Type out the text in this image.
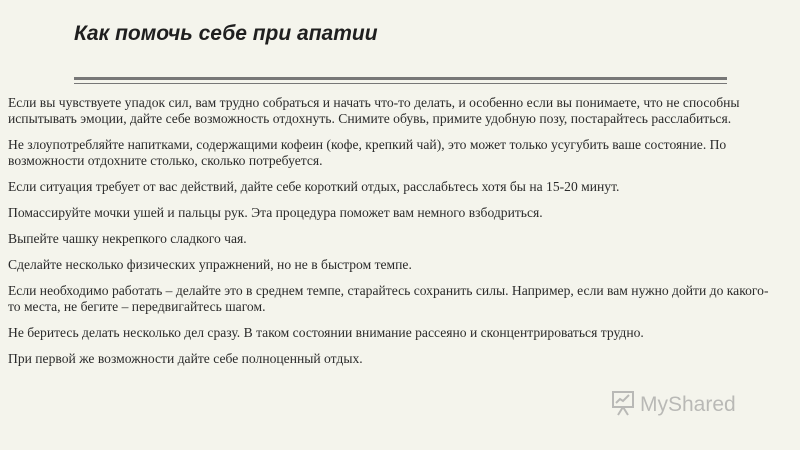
Как помочь себе при апатии

Если вы чувствуете упадок сил, вам трудно собраться и начать что-то делать, и особенно если вы понимаете, что не способны испытывать эмоции, дайте себе возможность отдохнуть. Снимите обувь, примите удобную позу, постарайтесь расслабиться.

Не злоупотребляйте напитками, содержащими кофеин (кофе, крепкий чай), это может только усугубить ваше состояние. По возможности отдохните столько, сколько потребуется.

Если ситуация требует от вас действий, дайте себе короткий отдых, расслабьтесь хотя бы на 15-20 минут.

Помассируйте мочки ушей и пальцы рук. Эта процедура поможет вам немного взбодриться.

Выпейте чашку некрепкого сладкого чая.

Сделайте несколько физических упражнений, но не в быстром темпе.

Если необходимо работать – делайте это в среднем темпе, старайтесь сохранить силы. Например, если вам нужно дойти до какого-то места, не бегите – передвигайтесь шагом.

Не беритесь делать несколько дел сразу. В таком состоянии внимание рассеяно и сконцентрироваться трудно.

При первой же возможности дайте себе полноценный отдых.

MyShared
